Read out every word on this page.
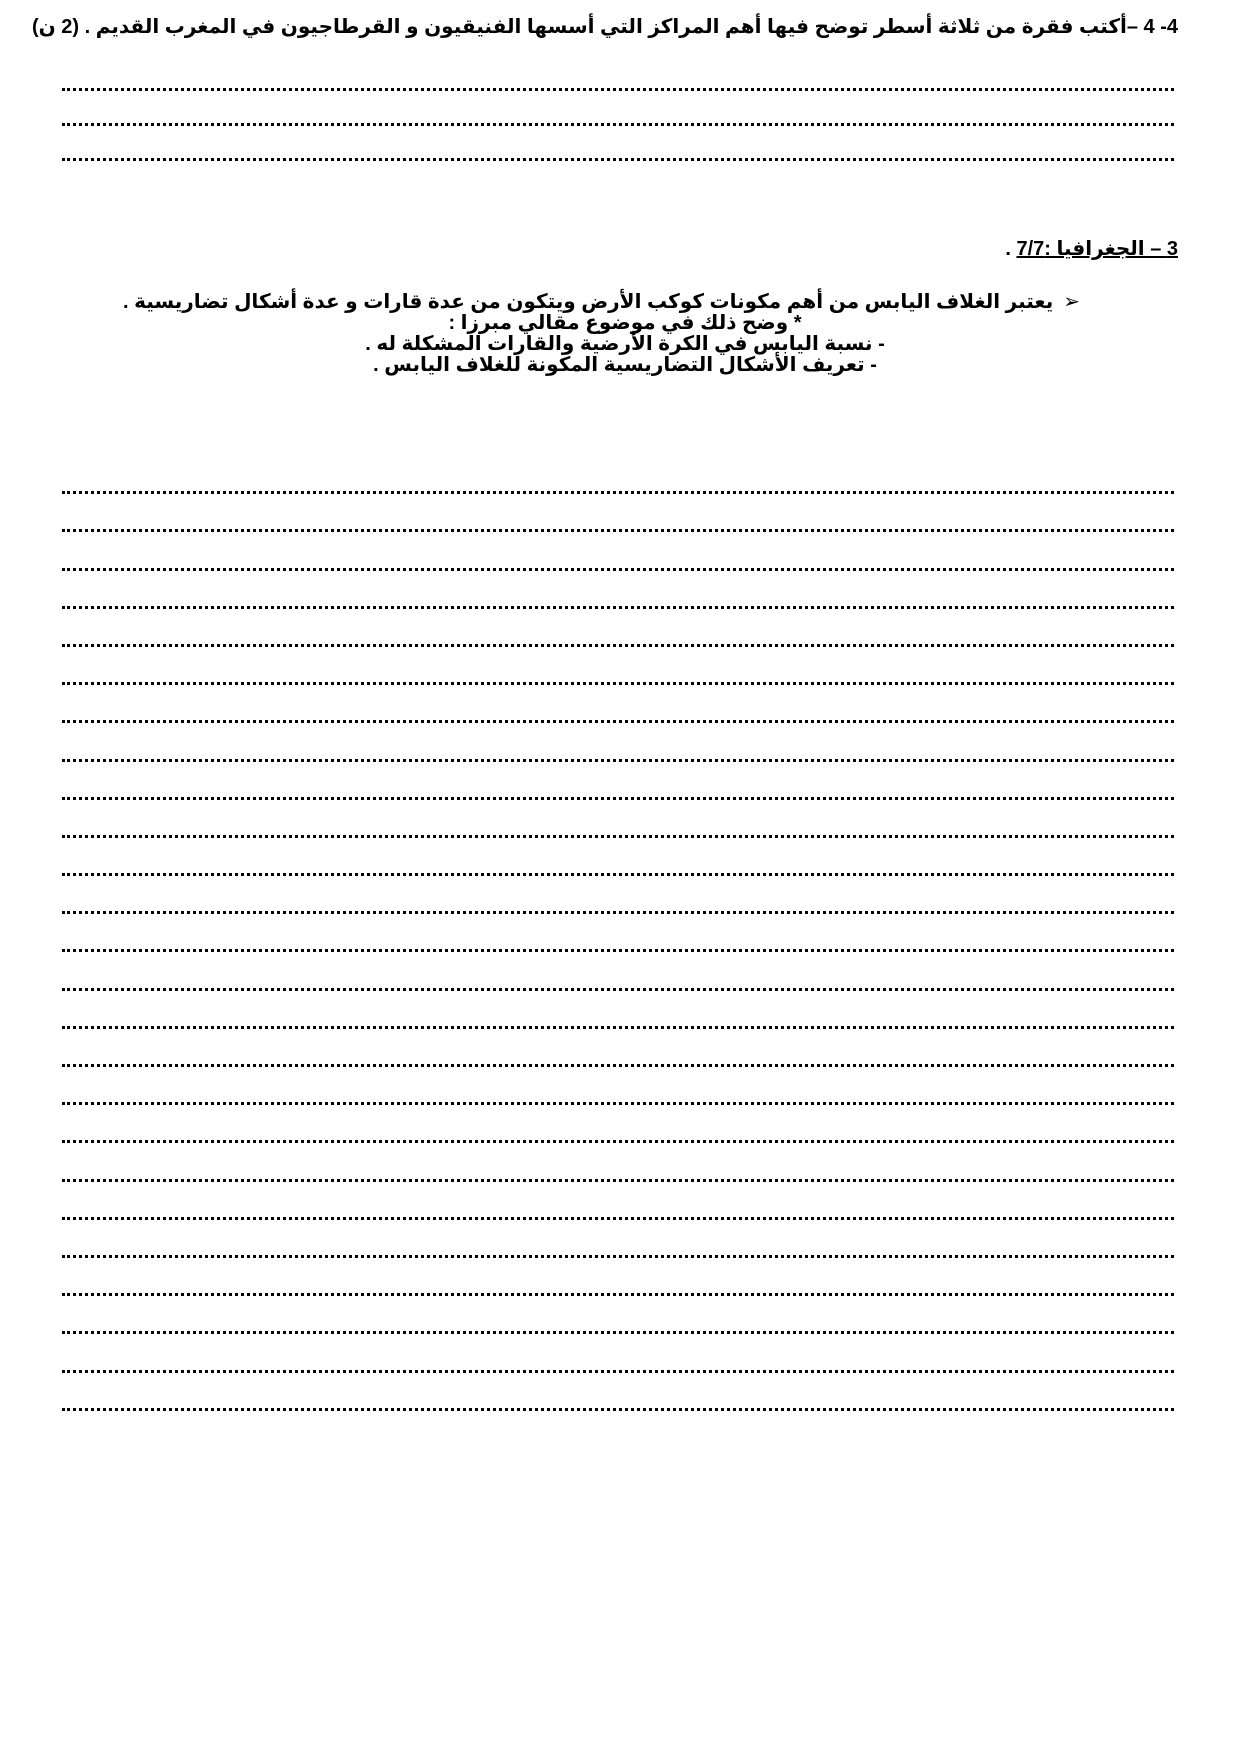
4- 4 –أكتب فقرة من ثلاثة أسطر توضح فيها أهم المراكز التي أسسها الفنيقيون و القرطاجيون في المغرب القديم . (2 ن)
3 – الجغرافيا :7/7 .
➢يعتبر الغلاف اليابس من أهم مكونات كوكب الأرض ويتكون من عدة قارات و عدة أشكال تضاريسية .
* وضح ذلك في موضوع مقالي مبرزا :
- نسبة اليابس في الكرة الأرضية والقارات المشكلة له .
- تعريف الأشكال التضاريسية المكونة للغلاف اليابس .
